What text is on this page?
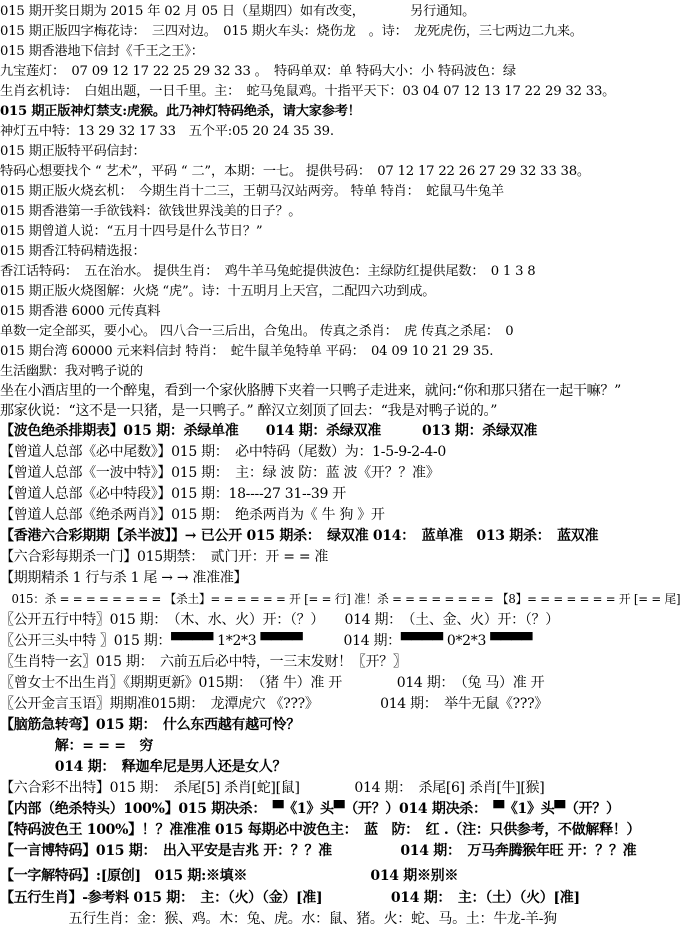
015 期开奖日期为 2015 年 02 月 05 日（星期四）如有改变，　　　　另行通知。
015 期正版四字梅花诗：　三四对边。　015 期火车头：烧伤龙　。诗：　龙死虎伤，三七两边二九来。
015 期香港地下信封《千王之王》：
九宝莲灯：　07 09 12 17 22 25 29 32 33 。　特码单双：单 特码大小：小 特码波色：绿
生肖玄机诗：　白姐出题，一日千里。主：　蛇马兔鼠鸡。十指平天下：03 04 07 12 13 17 22 29 32 33。
015 期正版神灯禁支:虎猴。此乃神灯特码绝杀，请大家参考！
神灯五中特：13 29 32 17 33　五个平:05 20 24 35 39.
015 期正版特平码信封：
特码心想要找个 “ 艺术”，平码 “ 二”，本期：一七。 提供号码：　07 12 17 22 26 27 29 32 33 38。
015 期正版火烧玄机：　今期生肖十二三，王朝马汉站两旁。 特单 特肖：　蛇鼠马牛兔羊
015 期香港第一手欲钱料：欲钱世界浅美的日子？。
015 期曾道人说：“五月十四号是什么节日？”
015 期香江特码精选报：
香江话特码：　五在治水。 提供生肖：　鸡牛羊马兔蛇提供波色：主绿防红提供尾数：　0 1 3 8
015 期正版火烧图解：火烧 “虎”。诗：十五明月上天宫，二配四六功到成。
015 期香港 6000 元传真料
单数一定全部买，要小心。 四八合一三后出，合兔出。 传真之杀肖：　虎 传真之杀尾：　0
015 期台湾 60000 元来料信封 特肖：　蛇牛鼠羊兔特单 平码：　04 09 10 21 29 35.
生活幽默：我对鸭子说的
坐在小酒店里的一个醉鬼，看到一个家伙胳膊下夹着一只鸭子走进来，就问:“你和那只猪在一起干嘛？”
那家伙说：“这不是一只猪，是一只鸭子。” 醉汉立刻顶了回去：“我是对鸭子说的。”
【波色绝杀排期表】015 期：杀绿单准　　014 期：杀绿双准　　　013 期：杀绿双准
【曾道人总部《必中尾数》】015 期：　必中特码（尾数）为：1-5-9-2-4-0
【曾道人总部《一波中特》】015 期：　主：绿 波 防：蓝 波《开？？准》
【曾道人总部《必中特段》】015 期：18----27 31--39 开
【曾道人总部《绝杀两肖》】015 期：　绝杀两肖为《 牛 狗 》开
【香港六合彩期期【杀半波】】→ 已公开 015 期杀：　绿双准 014：　蓝单准　013 期杀：　蓝双准
【六合彩每期杀一门】015期禁：　贰门开：开 = = 准
【期期精杀 1 行与杀 1 尾 → → 准准准】
　015：杀 = = = = = = = = 【杀土】= = = = = = 开 [= = 行] 准！杀 = = = = = = = = 【8】= = = = = = = 开 [= = 尾]
〖公开五行中特〗015 期：　（木、水、火）开：（？）　　014 期：　（土、金、火）开：（？）
〖公开三头中特 〗015 期：▀▀▀▀ 1*2*3 ▀▀▀▀　　　014 期：▀▀▀▀ 0*2*3 ▀▀▀▀
〖生肖特一玄〗015 期：　六前五后必中特，一三末发财！〖开？〗
〖曾女士不出生肖〗《期期更新》015期：　（猪 牛）准 开　　　　014 期：　（兔 马）准 开
〖公开金言玉语〗期期准015期：　龙潭虎穴 《???》　　　　　014 期：　举牛无鼠《???》
【脑筋急转弯】015 期：　什么东西越有越可怜？
　　　　解：= = =　穷
　　　　014 期：　释迦牟尼是男人还是女人？
【六合彩不出特】015 期：　杀尾[5] 杀肖[蛇][鼠]　　　　014 期：　杀尾[6] 杀肖[牛][猴]
【内部（绝杀特头）100%】015 期决杀：　▀《1》头▀（开？）014 期决杀：　▀《1》头▀（开？）
【特码波色王 100%】！？准准准 015 每期必中波色主：　蓝　防：　红 .（注：只供参考，不做解释！）
【一言博特码】015 期：　出入平安是吉兆 开：？？准　　　　　014 期：　万马奔腾猴年旺 开：？？准
【一字解特码】:[原创]　015 期:※填※　　　　　　　　　014 期※别※
【五行生肖】-参考料 015 期：　主：（火）（金）[准]　　　　　014 期：　主：（土）（火）[准]
　　　　　五行生肖：金：猴、鸡。木：兔、虎。水：鼠、猪。火：蛇、马。土：牛龙-羊-狗
